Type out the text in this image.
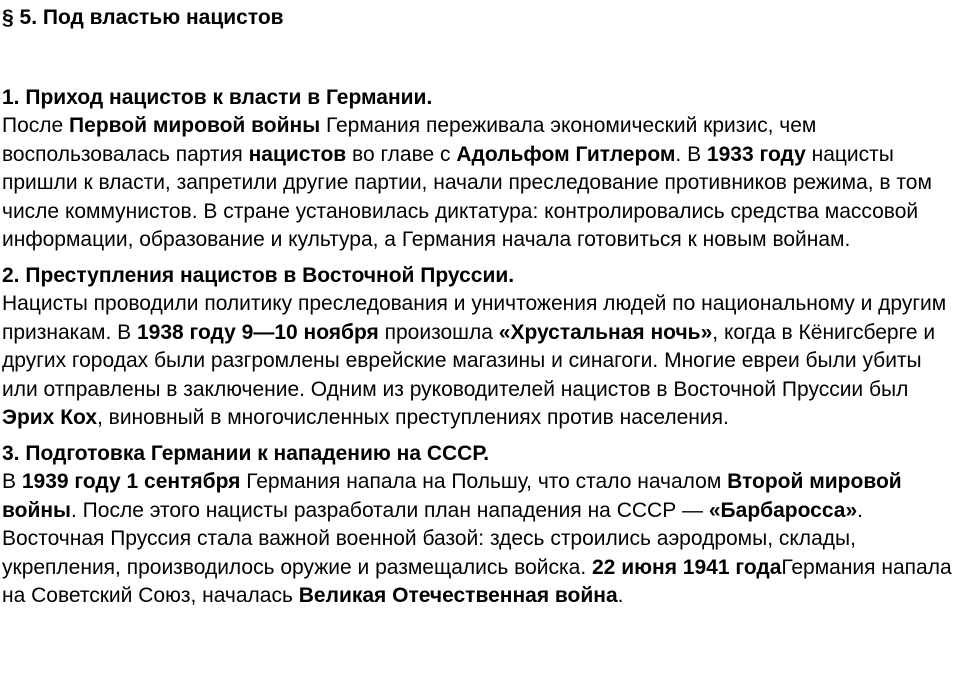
§ 5. Под властью нацистов
1. Приход нацистов к власти в Германии.

После Первой мировой войны Германия переживала экономический кризис, чем воспользовалась партия нацистов во главе с Адольфом Гитлером. В 1933 году нацисты пришли к власти, запретили другие партии, начали преследование противников режима, в том числе коммунистов. В стране установилась диктатура: контролировались средства массовой информации, образование и культура, а Германия начала готовиться к новым войнам.

2. Преступления нацистов в Восточной Пруссии.

Нацисты проводили политику преследования и уничтожения людей по национальному и другим признакам. В 1938 году 9—10 ноября произошла «Хрустальная ночь», когда в Кёнигсберге и других городах были разгромлены еврейские магазины и синагоги. Многие евреи были убиты или отправлены в заключение. Одним из руководителей нацистов в Восточной Пруссии был Эрих Кох, виновный в многочисленных преступлениях против населения.

3. Подготовка Германии к нападению на СССР.

В 1939 году 1 сентября Германия напала на Польшу, что стало началом Второй мировой войны. После этого нацисты разработали план нападения на СССР — «Барбаросса». Восточная Пруссия стала важной военной базой: здесь строились аэродромы, склады, укрепления, производилось оружие и размещались войска. 22 июня 1941 годаГермания напала на Советский Союз, началась Великая Отечественная война.
